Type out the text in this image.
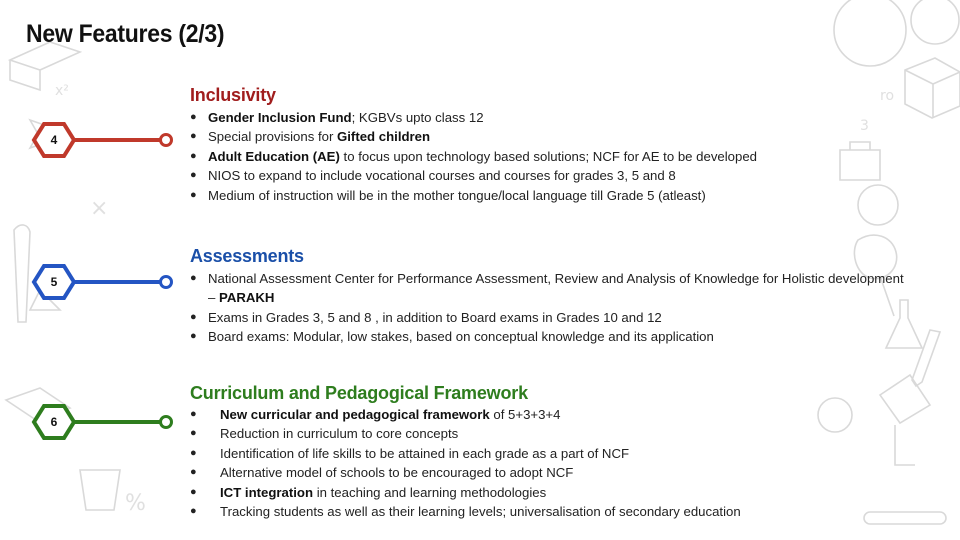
%
×
x²
3
ro
New Features (2/3)
4
Inclusivity
● Gender Inclusion Fund; KGBVs upto class 12
● Special provisions for Gifted children
● Adult Education (AE) to focus upon technology based solutions; NCF for AE to be developed
● NIOS to expand to include vocational courses and courses for grades 3, 5 and 8
● Medium of instruction will be in the mother tongue/local language till Grade 5 (atleast)
5
Assessments
● National Assessment Center for Performance Assessment, Review and Analysis of Knowledge for Holistic development – PARAKH
● Exams in Grades 3, 5 and 8 , in addition to Board exams in Grades 10 and 12
● Board exams: Modular, low stakes, based on conceptual knowledge and its application
6
Curriculum and Pedagogical Framework
● New curricular and pedagogical framework of 5+3+3+4
● Reduction in curriculum to core concepts
● Identification of life skills to be attained in each grade as a part of NCF
● Alternative model of schools to be encouraged to adopt NCF
● ICT integration in teaching and learning methodologies
● Tracking students as well as their learning levels; universalisation of secondary education
